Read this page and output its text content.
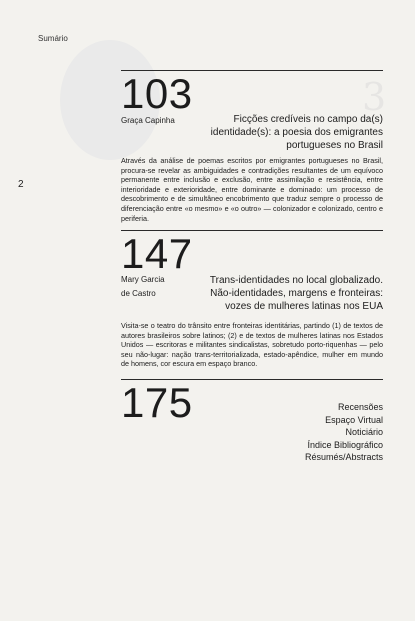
3
Sumário
2
103
Graça Capinha	Ficções credíveis no campo da(s)
identidade(s): a poesia dos emigrantes
portugueses no Brasil
Através da análise de poemas escritos por emigrantes portugueses no Brasil, procura-se revelar as ambiguidades e contradições resultantes de um equívoco permanente entre inclusão e exclusão, entre assimilação e resistência, entre interioridade e exterioridade, entre dominante e dominado: um processo de descobrimento e de simultâneo encobrimento que traduz sempre o processo de diferenciação entre «o mesmo» e «o outro» — colonizador e colonizado, centro e periferia.
147
Mary Garcia
de Castro
Trans-identidades no local globalizado.
Não-identidades, margens e fronteiras:
vozes de mulheres latinas nos EUA
Visita-se o teatro do trânsito entre fronteiras identitárias, partindo (1) de textos de autores brasileiros sobre latinos; (2) e de textos de mulheres latinas nos Estados Unidos — escritoras e militantes sindicalistas, sobretudo porto-riquenhas — pelo seu não-lugar: nação trans-territorializada, estado-apêndice, mulher em mundo de homens, cor escura em espaço branco.
175	Recensões
Espaço Virtual
Noticiário
Índice Bibliográfico
Résumés/Abstracts
